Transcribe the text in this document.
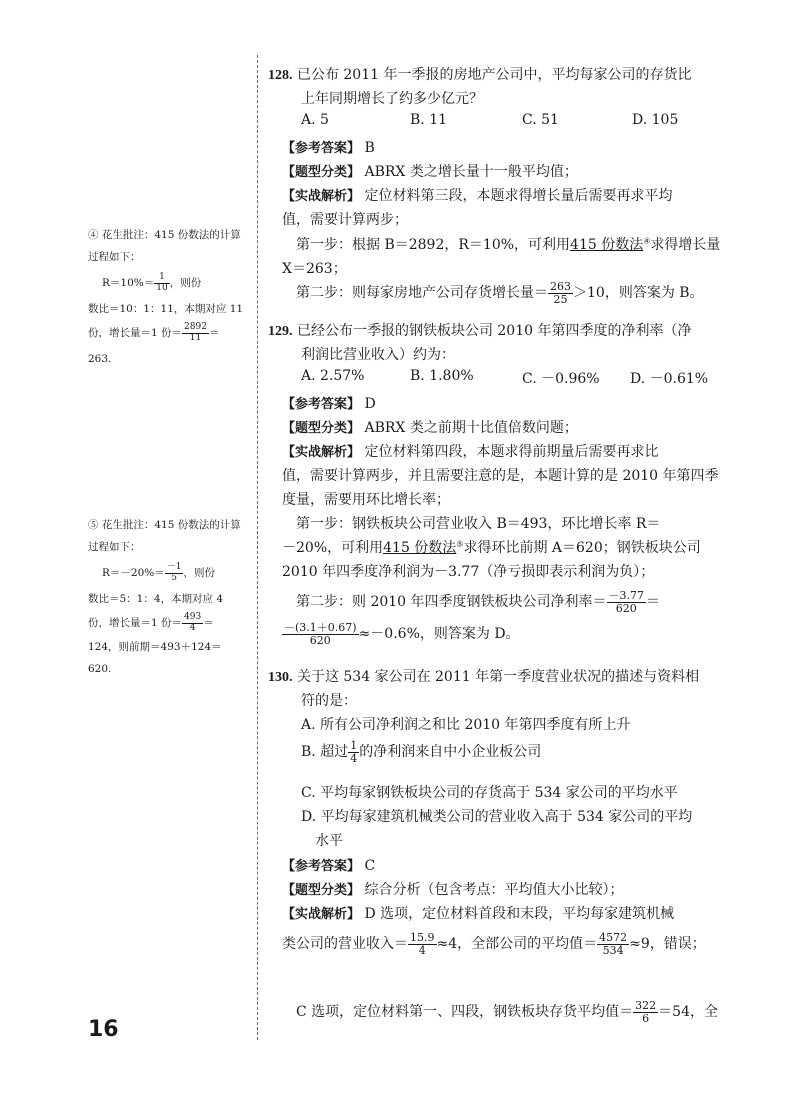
④ 花生批注：415 份数法的计算过程如下：

$R=10\%= \frac{1}{10}$ ，则份

数比＝10：1：11，本期对应 11

份，增长量＝1 份＝ $\frac{2892}{11}$ ＝

263.

⑤ 花生批注：415 份数法的计算过程如下：

$R=-20\%= \frac{-1}{5}$ ，则份

数比＝5：1：4，本期对应 4

份，增长量＝1 份＝ $\frac{493}{4}$ ＝

124，则前期＝493＋124＝

620.

128. 已公布 2011 年一季报的房地产公司中，平均每家公司的存货比
上年同期增长了约多少亿元？
A. 5	B. 11	C. 51	D. 105
【参考答案】 B
【题型分类】 ABRX 类之增长量十一般平均值；
【实战解析】 定位材料第三段，本题求得增长量后需要再求平均
值，需要计算两步；
第一步：根据 B＝2892，R＝10%，可利用415 份数法④求得增长量
X＝263；
第二步：则每家房地产公司存货增长量＝ $\frac{263}{25} >10$，则答案为 B。
129. 已经公布一季报的钢铁板块公司 2010 年第四季度的净利率（净
利润比营业收入）约为：
A. 2.57%	B. 1.80%	C. －0.96% D. －0.61%
【参考答案】 D
【题型分类】 ABRX 类之前期十比值倍数问题；
【实战解析】 定位材料第四段，本题求得前期量后需要再求比
值，需要计算两步，并且需要注意的是，本题计算的是 2010 年第四季
度量，需要用环比增长率；
第一步：钢铁板块公司营业收入 B＝493，环比增长率 R＝
－20%，可利用415 份数法⑤求得环比前期 A＝620；钢铁板块公司
2010 年四季度净利润为－3.77（净亏损即表示利润为负）；
第二步：则 2010 年四季度钢铁板块公司净利率＝ $\frac{-3.77}{620}$ ＝
$\frac{-(3.1+0.67)}{620} \approx-0.6\%$，则答案为 D。
130. 关于这 534 家公司在 2011 年第一季度营业状况的描述与资料相
符的是：
A. 所有公司净利润之和比 2010 年第四季度有所上升
B. 超过 $\frac{1}{4}$ 的净利润来自中小企业板公司
C. 平均每家钢铁板块公司的存货高于 534 家公司的平均水平
D. 平均每家建筑机械类公司的营业收入高于 534 家公司的平均
水平
【参考答案】 C
【题型分类】 综合分析（包含考点：平均值大小比较）；
【实战解析】 D 选项，定位材料首段和末段，平均每家建筑机械
类公司的营业收入＝ $\frac{15.9}{4} \approx 4$，全部公司的平均值＝ $\frac{4572}{534} \approx 9$，错误；
C 选项，定位材料第一、四段，钢铁板块存货平均值＝ $\frac{322}{6} =54$，全
16
